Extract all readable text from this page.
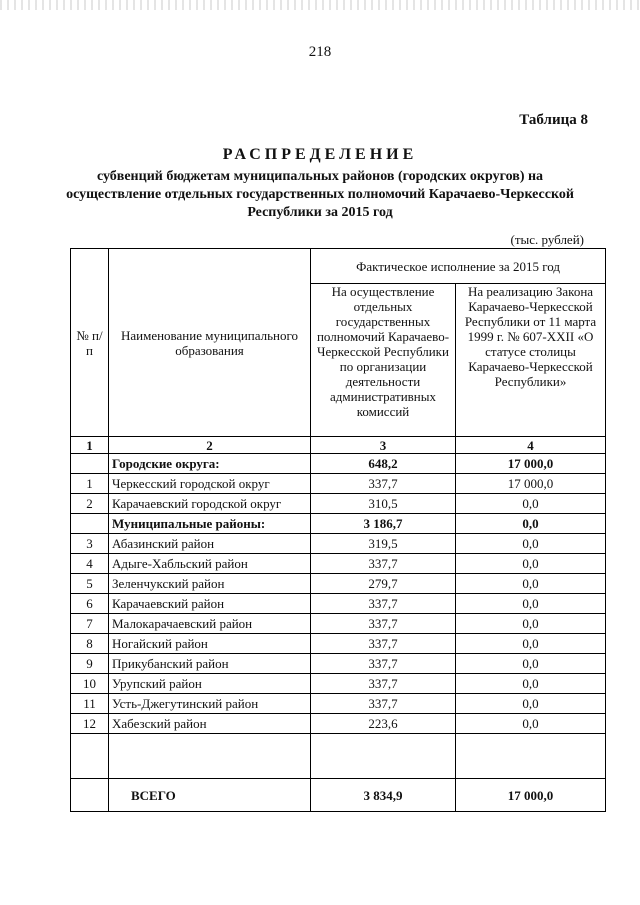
218
Таблица 8
РАСПРЕДЕЛЕНИЕ
субвенций бюджетам муниципальных районов (городских округов) на осуществление отдельных государственных полномочий Карачаево-Черкесской Республики за 2015 год
(тыс. рублей)
№ п/п	Наименование муниципального образования	Фактическое исполнение за 2015 год	
		На осуществление отдельных государственных полномочий Карачаево-Черкесской Республики по организации деятельности административных комиссий	На реализацию Закона Карачаево-Черкесской Республики от 11 марта 1999 г. № 607-XXII «О статусе столицы Карачаево-Черкесской Республики»
1	2	3	4
	Городские округа:	648,2	17 000,0
1	Черкесский городской округ	337,7	17 000,0
2	Карачаевский городской округ	310,5	0,0
	Муниципальные районы:	3 186,7	0,0
3	Абазинский район	319,5	0,0
4	Адыге-Хабльский район	337,7	0,0
5	Зеленчукский район	279,7	0,0
6	Карачаевский район	337,7	0,0
7	Малокарачаевский район	337,7	0,0
8	Ногайский район	337,7	0,0
9	Прикубанский район	337,7	0,0
10	Урупский район	337,7	0,0
11	Усть-Джегутинский район	337,7	0,0
12	Хабезский район	223,6	0,0

	ВСЕГО	3 834,9	17 000,0
